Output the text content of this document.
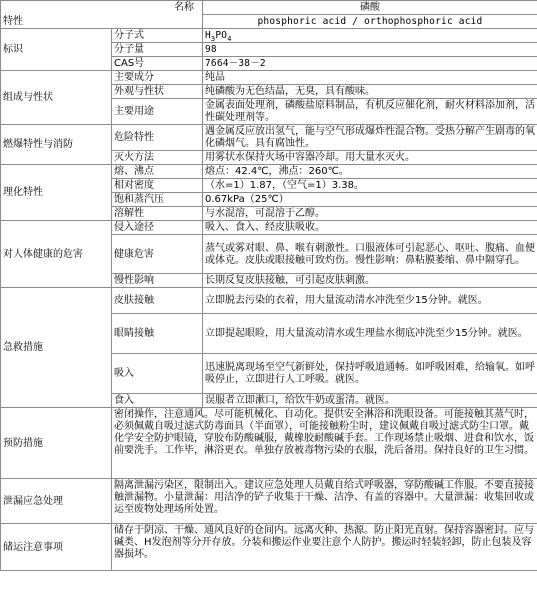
名称		磷酸
特性		phosphoric acid / orthophosphoric acid
标识	分子式	$H_3PO_4$
	分子量	98
	CAS号	7664－38－2
组成与性状	主要成分	纯品
	外观与性状	纯磷酸为无色结晶，无臭，具有酸味。
	主要用途	金属表面处理剂，磷酸盐原料制品，有机反应催化剂，耐火材料添加剂，活性碳处理剂等。
燃爆特性与消防	危险特性	遇金属反应放出氢气，能与空气形成爆炸性混合物。受热分解产生剧毒的氧化磷烟气。具有腐蚀性。
	灭火方法	用雾状水保持火场中容器冷却。用大量水灭火。
理化特性	熔、沸点	熔点：42.4℃，沸点：260℃。
	相对密度	（水=1）1.87，（空气=1）3.38。
	饱和蒸汽压	0.67kPa（25℃）
	溶解性	与水混溶，可混溶于乙醇。
对人体健康的危害	侵入途径	吸入、食入、经皮肤吸收。
	健康危害	蒸气或雾对眼、鼻、喉有刺激性。口服液体可引起恶心、呕吐、腹痛、血便或体克。皮肤或眼接触可致灼伤。慢性影响：鼻粘膜萎缩、鼻中隔穿孔。
	慢性影响	长期反复皮肤接触，可引起皮肤刺激。
急救措施	皮肤接触	立即脱去污染的衣着，用大量流动清水冲洗至少15分钟。就医。
	眼睛接触	立即提起眼睑，用大量流动清水或生理盐水彻底冲洗至少15分钟。就医。
	吸入	迅速脱离现场至空气新鲜处，保持呼吸道通畅。如呼吸困难，给输氧。如呼吸停止，立即进行人工呼吸。就医。
	食入	误服者立即漱口，给饮牛奶或蛋清。就医。
预防措施	密闭操作，注意通风。尽可能机械化、自动化。提供安全淋浴和洗眼设备。可能接触其蒸气时，必须佩戴自吸过滤式防毒面具（半面罩），可能接触粉尘时，建议佩戴自吸过滤式防尘口罩。戴化学安全防护眼镜，穿胶布防酸碱服，戴橡胶耐酸碱手套。工作现场禁止吸烟、进食和饮水，饭前要洗手。工作毕，淋浴更衣。单独存放被毒物污染的衣服，洗后备用。保持良好的卫生习惯。	
泄漏应急处理	隔离泄漏污染区，限制出入。建议应急处理人员戴自给式呼吸器，穿防酸碱工作服。不要直接接触泄漏物。小量泄漏：用洁净的铲子收集于干燥、洁净、有盖的容器中。大量泄漏：收集回收或运至废物处理场所处置。	
储运注意事项	储存于阴凉、干燥、通风良好的仓间内。远离火种、热源。防止阳光直射。保持容器密封。应与碱类、H发泡剂等分开存放。分装和搬运作业要注意个人防护。搬运时轻装轻卸，防止包装及容器损坏。	
